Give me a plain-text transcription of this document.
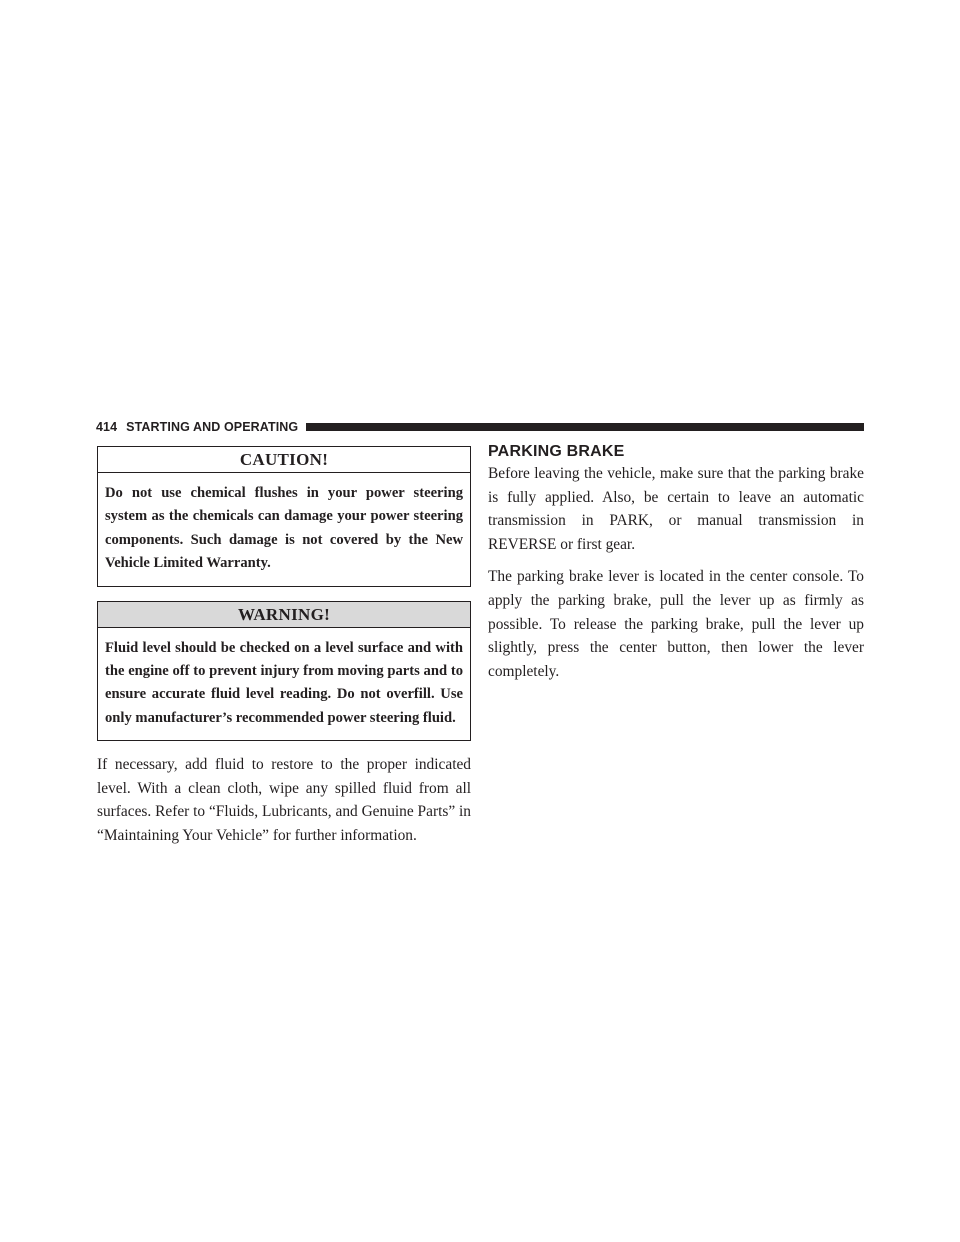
414 STARTING AND OPERATING
CAUTION!
Do not use chemical flushes in your power steering system as the chemicals can damage your power steering components. Such damage is not covered by the New Vehicle Limited Warranty.
WARNING!
Fluid level should be checked on a level surface and with the engine off to prevent injury from moving parts and to ensure accurate fluid level reading. Do not overfill. Use only manufacturer’s recommended power steering fluid.

If necessary, add fluid to restore to the proper indicated level. With a clean cloth, wipe any spilled fluid from all surfaces. Refer to “Fluids, Lubricants, and Genuine Parts” in “Maintaining Your Vehicle” for further information.

PARKING BRAKE

Before leaving the vehicle, make sure that the parking brake is fully applied. Also, be certain to leave an automatic transmission in PARK, or manual transmission in REVERSE or first gear.

The parking brake lever is located in the center console. To apply the parking brake, pull the lever up as firmly as possible. To release the parking brake, pull the lever up slightly, press the center button, then lower the lever completely.
